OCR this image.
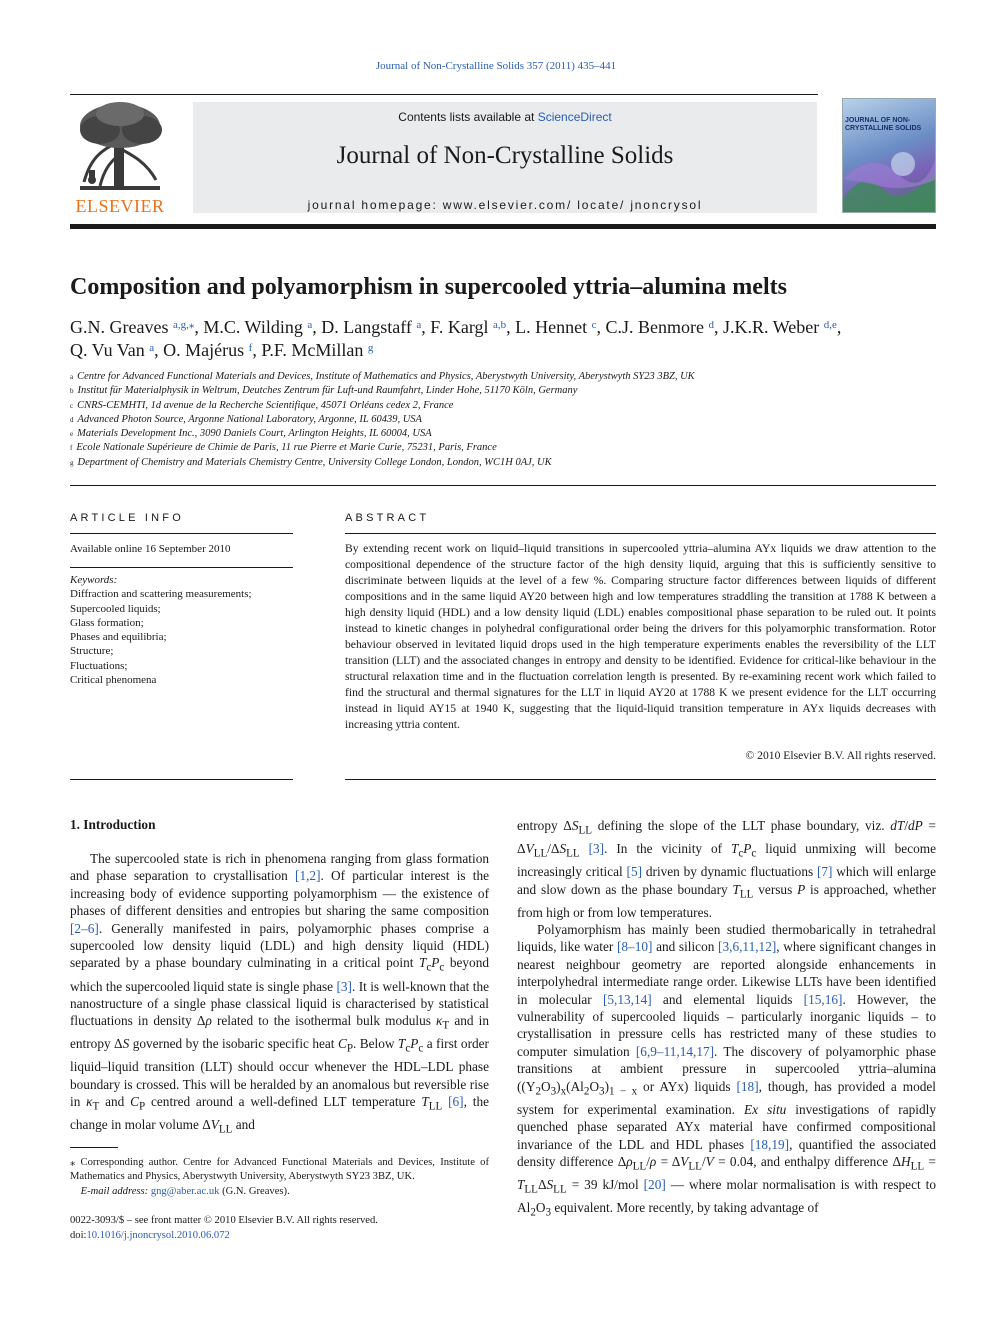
Journal of Non-Crystalline Solids 357 (2011) 435–441
ELSEVIER
Contents lists available at ScienceDirect
Journal of Non-Crystalline Solids
journal homepage: www.elsevier.com/ locate/ jnoncrysol
JOURNAL OF NON-CRYSTALLINE SOLIDS
Composition and polyamorphism in supercooled yttria–alumina melts
G.N. Greaves $^{a,g,⁎}$, M.C. Wilding $^a$, D. Langstaff $^a$, F. Kargl $^{a,b}$, L. Hennet $^c$, C.J. Benmore $^d$, J.K.R. Weber $^{d,e}$,
Q. Vu Van $^a$, O. Majérus $^f$, P.F. McMillan $^g$
$^a$ Centre for Advanced Functional Materials and Devices, Institute of Mathematics and Physics, Aberystwyth University, Aberystwyth SY23 3BZ, UK
$^b$ Institut für Materialphysik in Weltrum, Deutches Zentrum für Luft-und Raumfahrt, Linder Hohe, 51170 Köln, Germany
$^c$ CNRS-CEMHTI, 1d avenue de la Recherche Scientifique, 45071 Orléans cedex 2, France
$^d$ Advanced Photon Source, Argonne National Laboratory, Argonne, IL 60439, USA
$^e$ Materials Development Inc., 3090 Daniels Court, Arlington Heights, IL 60004, USA
$^f$ Ecole Nationale Supérieure de Chimie de Paris, 11 rue Pierre et Marie Curie, 75231, Paris, France
$^g$ Department of Chemistry and Materials Chemistry Centre, University College London, London, WC1H 0AJ, UK
ARTICLE INFO
Available online 16 September 2010
Keywords:
Diffraction and scattering measurements;
Supercooled liquids;
Glass formation;
Phases and equilibria;
Structure;
Fluctuations;
Critical phenomena
ABSTRACT
By extending recent work on liquid–liquid transitions in supercooled yttria–alumina AYx liquids we draw attention to the compositional dependence of the structure factor of the high density liquid, arguing that this is sufficiently sensitive to discriminate between liquids at the level of a few %. Comparing structure factor differences between liquids of different compositions and in the same liquid AY20 between high and low temperatures straddling the transition at 1788 K between a high density liquid (HDL) and a low density liquid (LDL) enables compositional phase separation to be ruled out. It points instead to kinetic changes in polyhedral configurational order being the drivers for this polyamorphic transformation. Rotor behaviour observed in levitated liquid drops used in the high temperature experiments enables the reversibility of the LLT transition (LLT) and the associated changes in entropy and density to be identified. Evidence for critical-like behaviour in the structural relaxation time and in the fluctuation correlation length is presented. By re-examining recent work which failed to find the structural and thermal signatures for the LLT in liquid AY20 at 1788 K we present evidence for the LLT occurring instead in liquid AY15 at 1940 K, suggesting that the liquid-liquid transition temperature in AYx liquids decreases with increasing yttria content.
© 2010 Elsevier B.V. All rights reserved.
1. Introduction

The supercooled state is rich in phenomena ranging from glass formation and phase separation to crystallisation [1,2]. Of particular interest is the increasing body of evidence supporting polyamorphism — the existence of phases of different densities and entropies but sharing the same composition [2–6]. Generally manifested in pairs, polyamorphic phases comprise a supercooled low density liquid (LDL) and high density liquid (HDL) separated by a phase boundary culminating in a critical point $T_cP_c$ beyond which the supercooled liquid state is single phase [3]. It is well-known that the nanostructure of a single phase classical liquid is characterised by statistical fluctuations in density Δρ related to the isothermal bulk modulus $\kappa_T$ and in entropy ΔS governed by the isobaric specific heat $C_P$. Below $T_cP_c$ a first order liquid–liquid transition (LLT) should occur whenever the HDL–LDL phase boundary is crossed. This will be heralded by an anomalous but reversible rise in $\kappa_T$ and $C_P$ centred around a well-defined LLT temperature $T_{LL}$ [6], the change in molar volume $\Delta V_{LL}$ and

entropy $\Delta S_{LL}$ defining the slope of the LLT phase boundary, viz. $dT/dP = \Delta V_{LL}/\Delta S_{LL}$ [3]. In the vicinity of $T_cP_c$ liquid unmixing will become increasingly critical [5] driven by dynamic fluctuations [7] which will enlarge and slow down as the phase boundary $T_{LL}$ versus P is approached, whether from high or from low temperatures.

Polyamorphism has mainly been studied thermobarically in tetrahedral liquids, like water [8–10] and silicon [3,6,11,12], where significant changes in nearest neighbour geometry are reported alongside enhancements in interpolyhedral intermediate range order. Likewise LLTs have been identified in molecular [5,13,14] and elemental liquids [15,16]. However, the vulnerability of supercooled liquids – particularly inorganic liquids – to crystallisation in pressure cells has restricted many of these studies to computer simulation [6,9–11,14,17]. The discovery of polyamorphic phase transitions at ambient pressure in supercooled yttria–alumina ($(Y_2O_3)_x(Al_2O_3)_{1 - x}$ or AYx) liquids [18], though, has provided a model system for experimental examination. Ex situ investigations of rapidly quenched phase separated AYx material have confirmed compositional invariance of the LDL and HDL phases [18,19], quantified the associated density difference $\Delta\rho_{LL}/\rho = \Delta V_{LL}/V = 0.04$, and enthalpy difference $\Delta H_{LL} = T_{LL}\Delta S_{LL} = 39$ kJ/mol [20] — where molar normalisation is with respect to $Al_2O_3$ equivalent. More recently, by taking advantage of

⁎ Corresponding author. Centre for Advanced Functional Materials and Devices, Institute of Mathematics and Physics, Aberystwyth University, Aberystwyth SY23 3BZ, UK.
E-mail address: gng@aber.ac.uk (G.N. Greaves).
0022-3093/$ – see front matter © 2010 Elsevier B.V. All rights reserved.
doi:10.1016/j.jnoncrysol.2010.06.072
